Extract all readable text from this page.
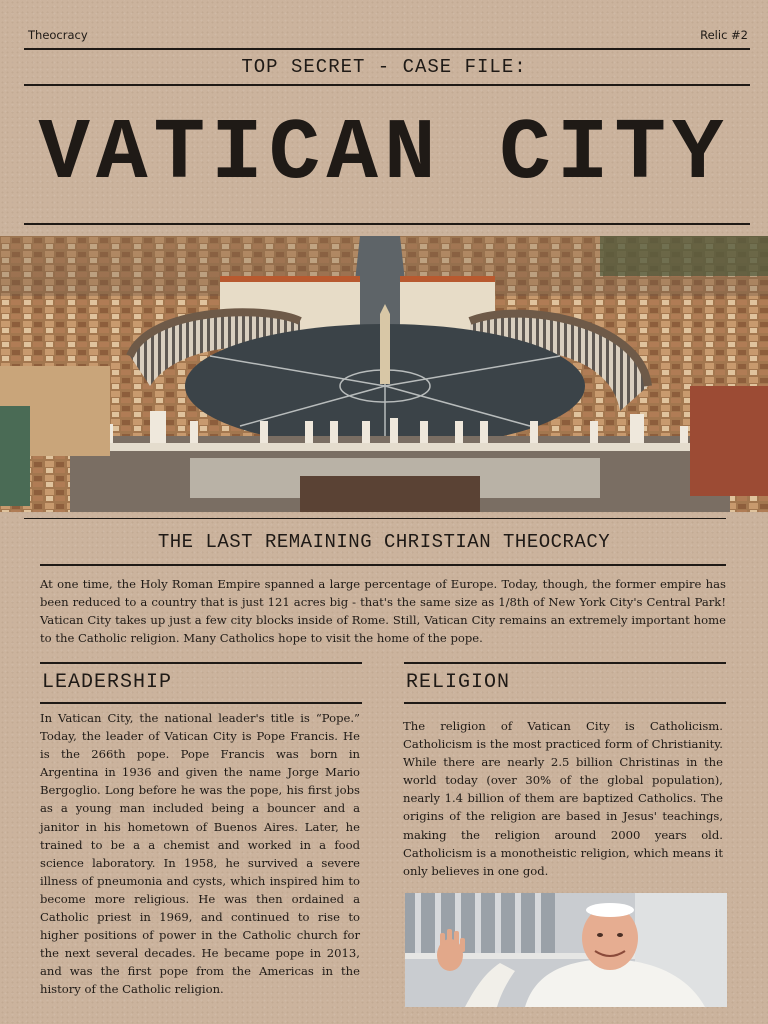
Theocracy	Relic #2
TOP SECRET - CASE FILE:
VATICAN CITY
THE LAST REMAINING CHRISTIAN THEOCRACY
At one time, the Holy Roman Empire spanned a large percentage of Europe. Today, though, the former empire has been reduced to a country that is just 121 acres big - that's the same size as 1/8th of New York City's Central Park! Vatican City takes up just a few city blocks inside of Rome. Still, Vatican City remains an extremely important home to the Catholic religion. Many Catholics hope to visit the home of the pope.
LEADERSHIP
In Vatican City, the national leader's title is “Pope.” Today, the leader of Vatican City is Pope Francis. He is the 266th pope. Pope Francis was born in Argentina in 1936 and given the name Jorge Mario Bergoglio. Long before he was the pope, his first jobs as a young man included being a bouncer and a janitor in his hometown of Buenos Aires. Later, he trained to be a a chemist and worked in a food science laboratory. In 1958, he survived a severe illness of pneumonia and cysts, which inspired him to become more religious. He was then ordained a Catholic priest in 1969, and continued to rise to higher positions of power in the Catholic church for the next several decades. He became pope in 2013, and was the first pope from the Americas in the history of the Catholic religion.
RELIGION
The religion of Vatican City is Catholicism. Catholicism is the most practiced form of Christianity. While there are nearly 2.5 billion Christinas in the world today (over 30% of the global population), nearly 1.4 billion of them are baptized Catholics. The origins of the religion are based in Jesus' teachings, making the religion around 2000 years old. Catholicism is a monotheistic religion, which means it only believes in one god.
